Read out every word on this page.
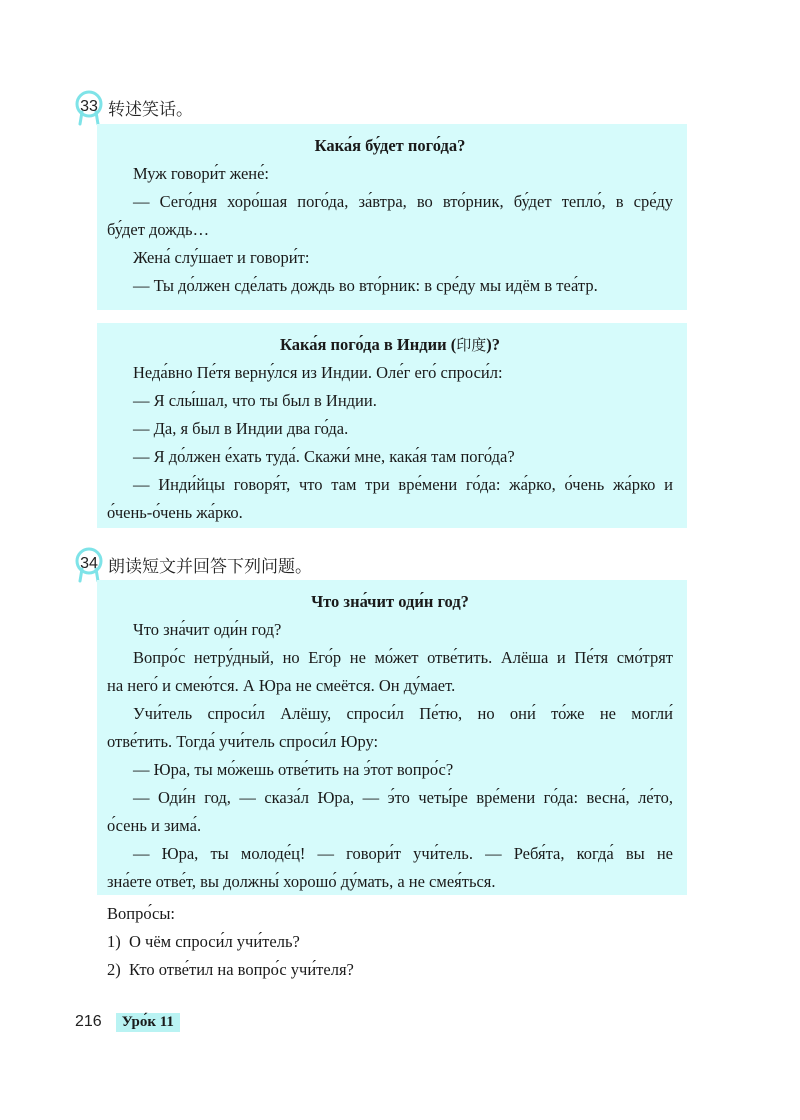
33 转述笑话。
Кака́я бу́дет пого́да?
Муж говори́т жене́:
— Сего́дня хоро́шая пого́да, за́втра, во вто́рник, бу́дет тепло́, в сре́ду
бу́дет дождь…
Жена́ слу́шает и говори́т:
— Ты до́лжен сде́лать дождь во вто́рник: в сре́ду мы идём в теа́тр.
Кака́я пого́да в Индии (印度)?
Неда́вно Пе́тя верну́лся из Индии. Оле́г его́ спроси́л:
— Я слы́шал, что ты был в Индии.
— Да, я был в Индии два го́да.
— Я до́лжен е́хать туда́. Скажи́ мне, кака́я там пого́да?
— Инди́йцы говоря́т, что там три вре́мени го́да: жа́рко, о́чень жа́рко и
о́чень-о́чень жа́рко.
34 朗读短文并回答下列问题。
Что зна́чит оди́н год?
Что зна́чит оди́н год?
Вопро́с нетру́дный, но Его́р не мо́жет отве́тить. Алёша и Пе́тя смо́трят
на него́ и смею́тся. А Юра не смеётся. Он ду́мает.
Учи́тель спроси́л Алёшу, спроси́л Пе́тю, но они́ то́же не могли́
отве́тить. Тогда́ учи́тель спроси́л Юру:
— Юра, ты мо́жешь отве́тить на э́тот вопро́с?
— Оди́н год, — сказа́л Юра, — э́то четы́ре вре́мени го́да: весна́, ле́то,
о́сень и зима́.
— Юра, ты молоде́ц! — говори́т учи́тель. — Ребя́та, когда́ вы не
зна́ете отве́т, вы должны́ хорошо́ ду́мать, а не смея́ться.
Вопро́сы:
1)  О чём спроси́л учи́тель?
2)  Кто отве́тил на вопро́с учи́теля?
216	Уро́к 11
